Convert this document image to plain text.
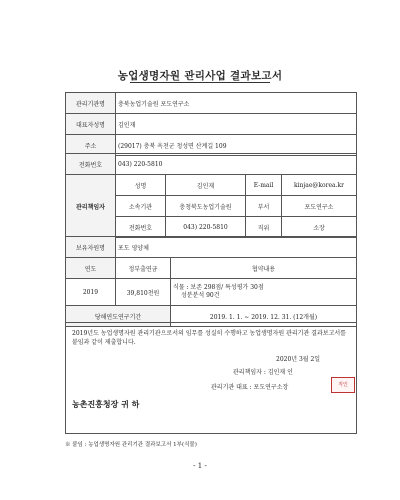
농업생명자원 관리사업 결과보고서
관리기관명	충북농업기술원 포도연구소
대표자성명	김인재
주소	(29017) 충북 옥천군 청성면 산계길 109
전화번호	043) 220-5810			
관리책임자	성명	김인재	E-mail	kinjae@korea.kr
	소속기관	충청북도농업기술원	부서	포도연구소
	전화번호	043) 220-5810	직위	소장
보유자원명	포도 영양체	
연도	정부출연금	협약내용
2019	39,810천원	식물 : 보존 298점/ 특성평가 30점
성분분석 90건

당해연도연구기간		2019. 1. 1. ~ 2019. 12. 31. (12개월)
2019년도 농업생명자원 관리기관으로서의 임무를 성실히 수행하고 농업생명자원 관리기관 결과보고서를 붙임과 같이 제출합니다.
2020년 3월 2일
관리책임자 : 김인재 인
관리기관 대표 : 포도연구소장	직인
농촌진흥청장 귀 하
※ 붙임 : 농업생명자원 관리기관 결과보고서 1부(식물)
- 1 -
